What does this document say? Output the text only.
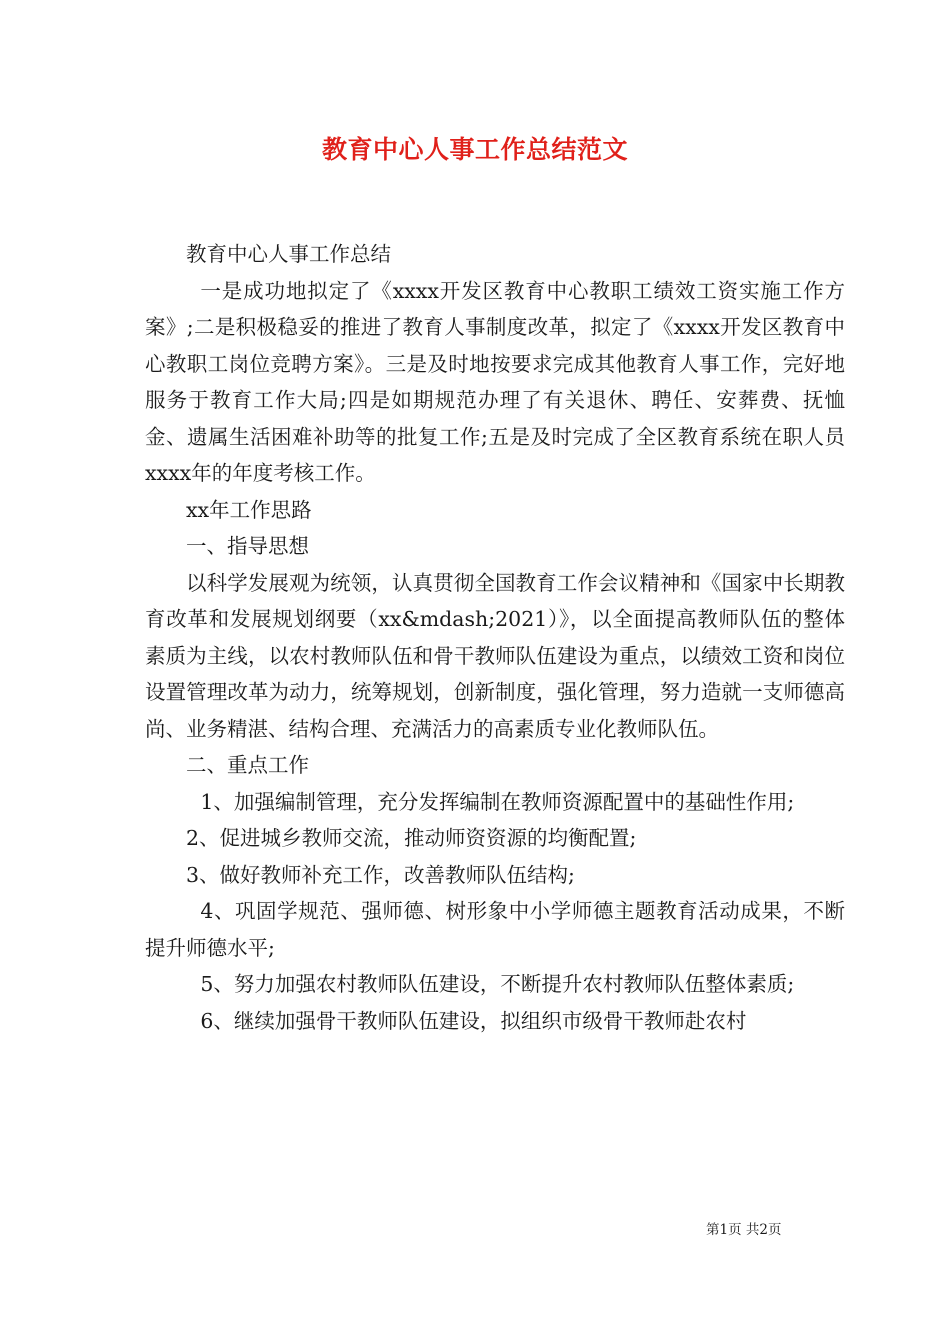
教育中心人事工作总结范文

教育中心人事工作总结

一是成功地拟定了《xxxx开发区教育中心教职工绩效工资实施工作方案》;二是积极稳妥的推进了教育人事制度改革，拟定了《xxxx开发区教育中心教职工岗位竞聘方案》。三是及时地按要求完成其他教育人事工作，完好地服务于教育工作大局;四是如期规范办理了有关退休、聘任、安葬费、抚恤金、遗属生活困难补助等的批复工作;五是及时完成了全区教育系统在职人员xxxx年的年度考核工作。

xx年工作思路

一、指导思想

以科学发展观为统领，认真贯彻全国教育工作会议精神和《国家中长期教育改革和发展规划纲要（xx&mdash;2021）》，以全面提高教师队伍的整体素质为主线，以农村教师队伍和骨干教师队伍建设为重点，以绩效工资和岗位设置管理改革为动力，统筹规划，创新制度，强化管理，努力造就一支师德高尚、业务精湛、结构合理、充满活力的高素质专业化教师队伍。

二、重点工作

1、加强编制管理，充分发挥编制在教师资源配置中的基础性作用;

2、促进城乡教师交流，推动师资资源的均衡配置;

3、做好教师补充工作，改善教师队伍结构;

4、巩固学规范、强师德、树形象中小学师德主题教育活动成果，不断提升师德水平;

5、努力加强农村教师队伍建设，不断提升农村教师队伍整体素质;

6、继续加强骨干教师队伍建设，拟组织市级骨干教师赴农村

第1页 共2页
